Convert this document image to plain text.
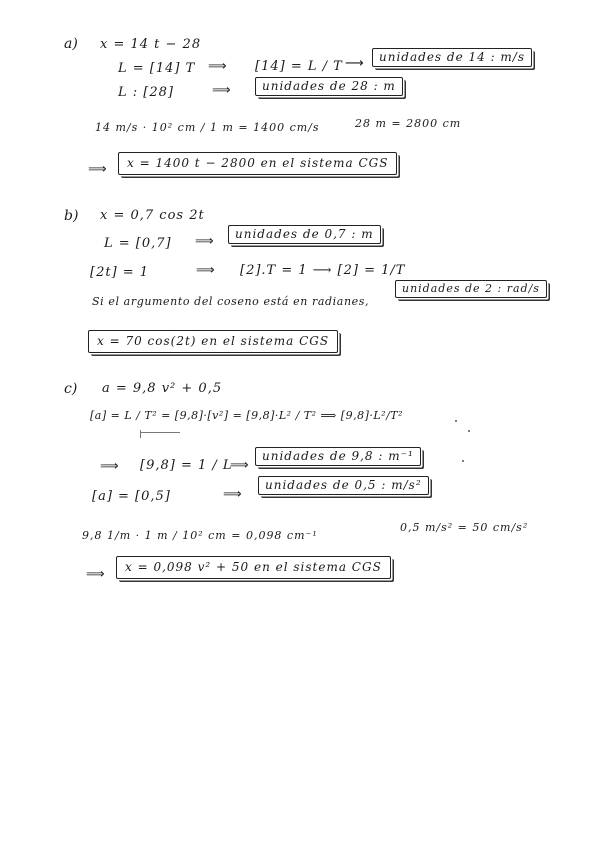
a) x = 14 t − 28
L = [14] T ⟹ [14] = L / T ⟶	unidades de 14 : m/s
L : [28]	⟹	unidades de 28 : m
14 m/s · 10² cm / 1 m = 1400 cm/s	28 m = 2800 cm
⟹	x = 1400 t − 2800 en el sistema CGS
b) x = 0,7 cos 2t
L = [0,7] ⟹	unidades de 0,7 : m
[2t] = 1	⟹ [2].T = 1 ⟶ [2] = 1/T
Si el argumento del coseno está en radianes,
unidades de 2 : rad/s
x = 70 cos(2t) en el sistema CGS
c) a = 9,8 v² + 0,5
[a] = L / T² = [9,8]·[v²] = [9,8]·L² / T² ⟹ [9,8]·L²/T²
⟹ [9,8] = 1 / L
⟹
unidades de 9,8 : m⁻¹
[a] = [0,5]	⟹
unidades de 0,5 : m/s²
9,8 1/m · 1 m / 10² cm = 0,098 cm⁻¹
0,5 m/s² = 50 cm/s²
⟹	x = 0,098 v² + 50 en el sistema CGS
